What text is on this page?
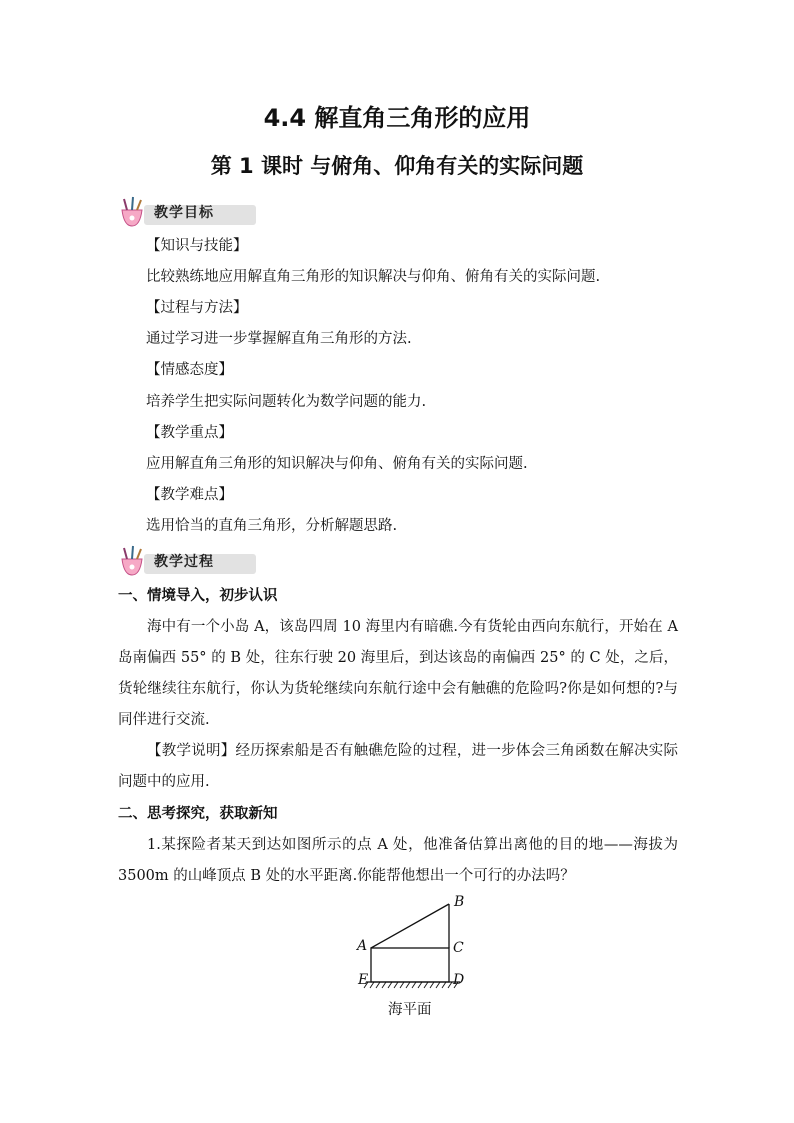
4.4 解直角三角形的应用
第 1 课时 与俯角、仰角有关的实际问题
教学目标
【知识与技能】
比较熟练地应用解直角三角形的知识解决与仰角、俯角有关的实际问题.
【过程与方法】
通过学习进一步掌握解直角三角形的方法.
【情感态度】
培养学生把实际问题转化为数学问题的能力.
【教学重点】
应用解直角三角形的知识解决与仰角、俯角有关的实际问题.
【教学难点】
选用恰当的直角三角形，分析解题思路.
教学过程
一、情境导入，初步认识
海中有一个小岛 A，该岛四周 10 海里内有暗礁.今有货轮由西向东航行，开始在 A 岛南偏西 55° 的 B 处，往东行驶 20 海里后，到达该岛的南偏西 25° 的 C 处，之后，货轮继续往东航行，你认为货轮继续向东航行途中会有触礁的危险吗?你是如何想的?与同伴进行交流.
【教学说明】经历探索船是否有触礁危险的过程，进一步体会三角函数在解决实际问题中的应用.
二、思考探究，获取新知
1.某探险者某天到达如图所示的点 A 处，他准备估算出离他的目的地——海拔为 3500m 的山峰顶点 B 处的水平距离.你能帮他想出一个可行的办法吗？
B
A	C
E	D
海平面
